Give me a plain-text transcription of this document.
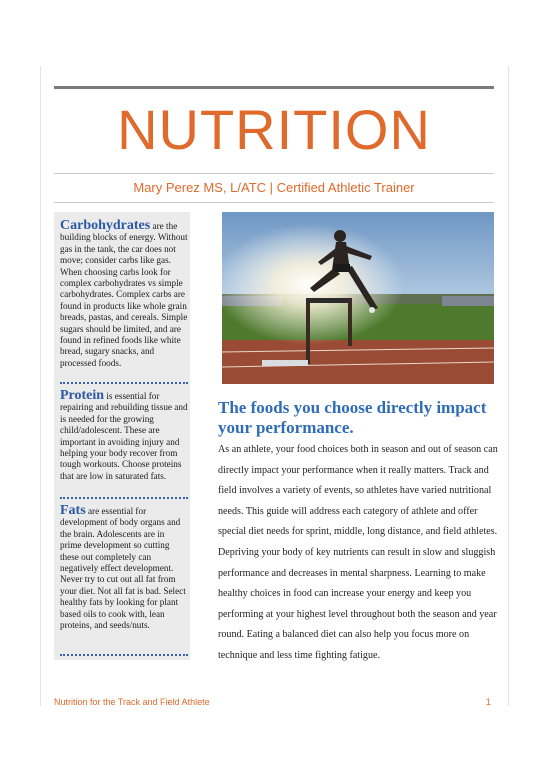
NUTRITION
Mary Perez MS, L/ATC | Certified Athletic Trainer
Carbohydrates are the building blocks of energy. Without gas in the tank, the car does not move; consider carbs like gas. When choosing carbs look for complex carbohydrates vs simple carbohydrates. Complex carbs are found in products like whole grain breads, pastas, and cereals. Simple sugars should be limited, and are found in refined foods like white bread, sugary snacks, and processed foods.
Protein is essential for repairing and rebuilding tissue and is needed for the growing child/adolescent. These are important in avoiding injury and helping your body recover from tough workouts. Choose proteins that are low in saturated fats.
Fats are essential for development of body organs and the brain. Adolescents are in prime development so cutting these out completely can negatively effect development. Never try to cut out all fat from your diet. Not all fat is bad. Select healthy fats by looking for plant based oils to cook with, lean proteins, and seeds/nuts.
The foods you choose directly impact your performance.
As an athlete, your food choices both in season and out of season can directly impact your performance when it really matters. Track and field involves a variety of events, so athletes have varied nutritional needs. This guide will address each category of athlete and offer special diet needs for sprint, middle, long distance, and field athletes. Depriving your body of key nutrients can result in slow and sluggish performance and decreases in mental sharpness. Learning to make healthy choices in food can increase your energy and keep you performing at your highest level throughout both the season and year round. Eating a balanced diet can also help you focus more on technique and less time fighting fatigue.
Nutrition for the Track and Field Athlete	1
